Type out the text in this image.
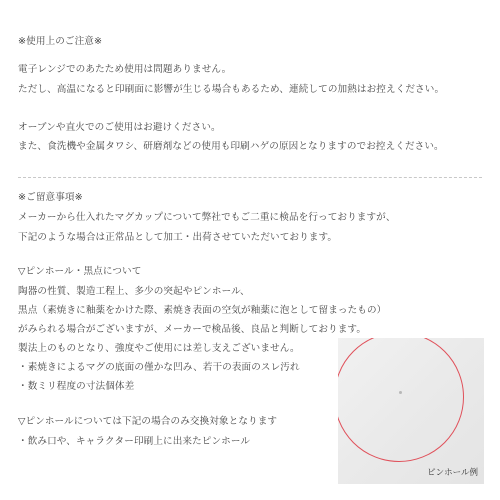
※使用上のご注意※
電子レンジでのあたため使用は問題ありません。
ただし、高温になると印刷面に影響が生じる場合もあるため、連続しての加熱はお控えください。
オーブンや直火でのご使用はお避けください。
また、食洗機や金属タワシ、研磨剤などの使用も印刷ハゲの原因となりますのでお控えください。
※ご留意事項※
メーカーから仕入れたマグカップについて弊社でもご二重に検品を行っておりますが、
下記のような場合は正常品として加工・出荷させていただいております。
▽ピンホール・黒点について
陶器の性質、製造工程上、多少の突起やピンホール、
黒点（素焼きに釉薬をかけた際、素焼き表面の空気が釉薬に泡として留まったもの）
がみられる場合がございますが、メーカーで検品後、良品と判断しております。
製法上のものとなり、強度やご使用には差し支えございません。
・素焼きによるマグの底面の僅かな凹み、若干の表面のスレ汚れ
・数ミリ程度の寸法個体差
▽ピンホールについては下記の場合のみ交換対象となります
・飲み口や、キャラクター印刷上に出来たピンホール
ピンホール例
